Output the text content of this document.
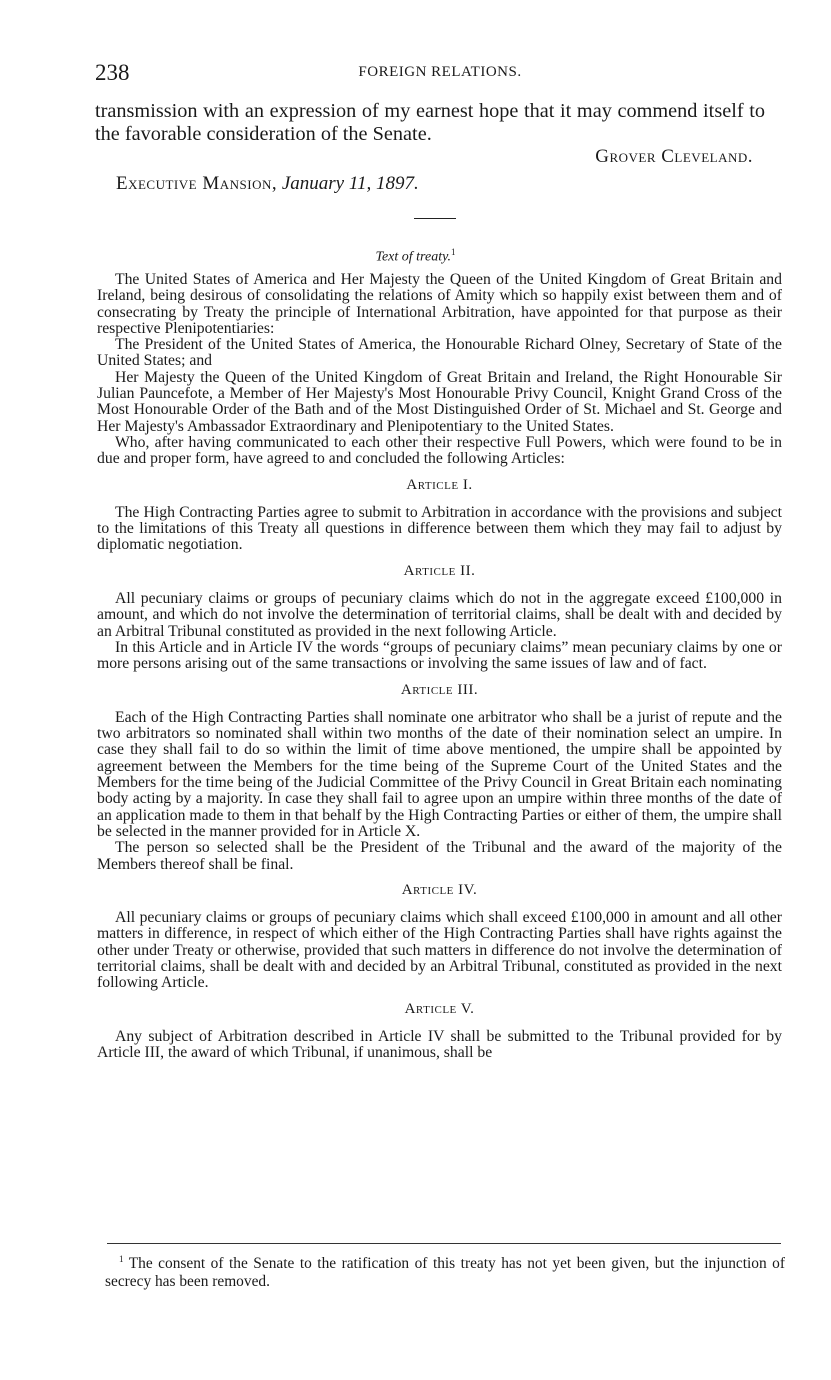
238	FOREIGN RELATIONS.

transmission with an expression of my earnest hope that it may commend itself to the favorable consideration of the Senate.

Grover Cleveland.
Executive Mansion, January 11, 1897.
Text of treaty.$^1$

The United States of America and Her Majesty the Queen of the United Kingdom of Great Britain and Ireland, being desirous of consolidating the relations of Amity which so happily exist between them and of consecrating by Treaty the principle of International Arbitration, have appointed for that purpose as their respective Plenipotentiaries:

The President of the United States of America, the Honourable Richard Olney, Secretary of State of the United States; and

Her Majesty the Queen of the United Kingdom of Great Britain and Ireland, the Right Honourable Sir Julian Pauncefote, a Member of Her Majesty's Most Honourable Privy Council, Knight Grand Cross of the Most Honourable Order of the Bath and of the Most Distinguished Order of St. Michael and St. George and Her Majesty's Ambassador Extraordinary and Plenipotentiary to the United States.

Who, after having communicated to each other their respective Full Powers, which were found to be in due and proper form, have agreed to and concluded the following Articles:

Article I.

The High Contracting Parties agree to submit to Arbitration in accordance with the provisions and subject to the limitations of this Treaty all questions in difference between them which they may fail to adjust by diplomatic negotiation.

Article II.

All pecuniary claims or groups of pecuniary claims which do not in the aggregate exceed £100,000 in amount, and which do not involve the determination of territorial claims, shall be dealt with and decided by an Arbitral Tribunal constituted as provided in the next following Article.

In this Article and in Article IV the words “groups of pecuniary claims” mean pecuniary claims by one or more persons arising out of the same transactions or involving the same issues of law and of fact.

Article III.

Each of the High Contracting Parties shall nominate one arbitrator who shall be a jurist of repute and the two arbitrators so nominated shall within two months of the date of their nomination select an umpire. In case they shall fail to do so within the limit of time above mentioned, the umpire shall be appointed by agreement between the Members for the time being of the Supreme Court of the United States and the Members for the time being of the Judicial Committee of the Privy Council in Great Britain each nominating body acting by a majority. In case they shall fail to agree upon an umpire within three months of the date of an application made to them in that behalf by the High Contracting Parties or either of them, the umpire shall be selected in the manner provided for in Article X.

The person so selected shall be the President of the Tribunal and the award of the majority of the Members thereof shall be final.

Article IV.

All pecuniary claims or groups of pecuniary claims which shall exceed £100,000 in amount and all other matters in difference, in respect of which either of the High Contracting Parties shall have rights against the other under Treaty or otherwise, provided that such matters in difference do not involve the determination of territorial claims, shall be dealt with and decided by an Arbitral Tribunal, constituted as provided in the next following Article.

Article V.

Any subject of Arbitration described in Article IV shall be submitted to the Tribunal provided for by Article III, the award of which Tribunal, if unanimous, shall be

$^1$ The consent of the Senate to the ratification of this treaty has not yet been given, but the injunction of secrecy has been removed.
